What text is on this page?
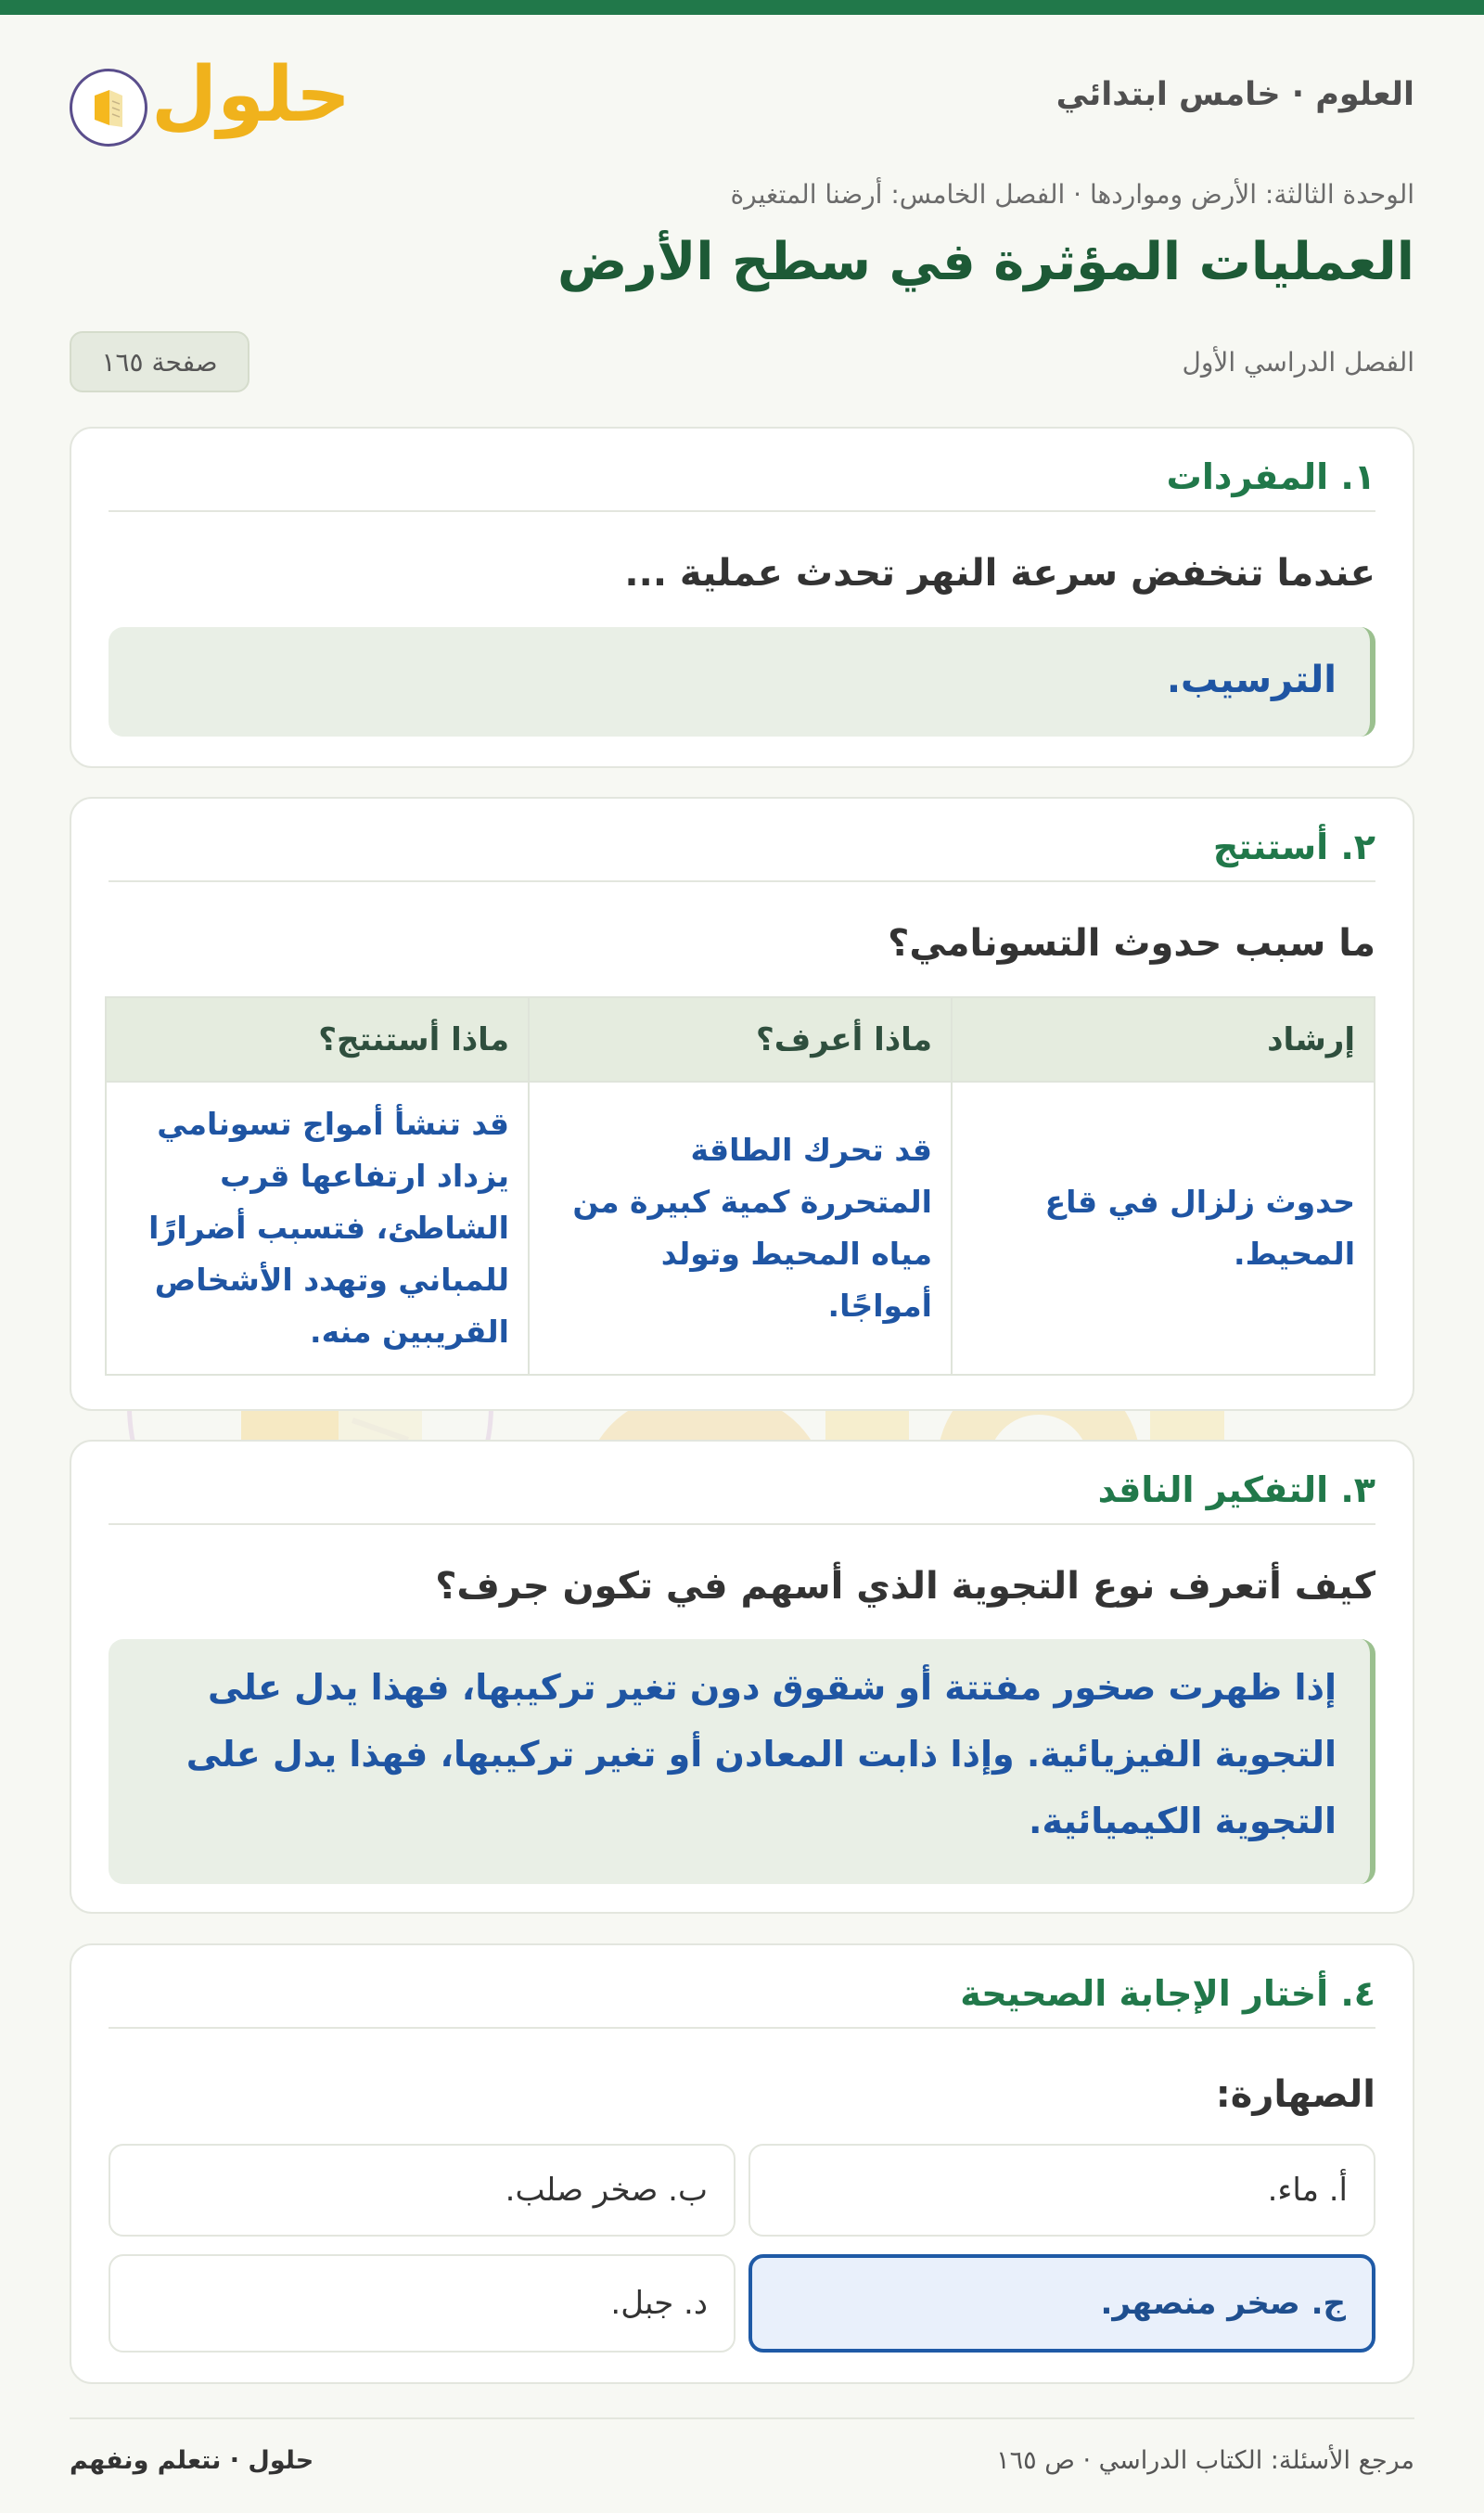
العلوم · خامس ابتدائي
حلول
الوحدة الثالثة: الأرض ومواردها · الفصل الخامس: أرضنا المتغيرة
العمليات المؤثرة في سطح الأرض
الفصل الدراسي الأول
صفحة ١٦٥
١. المفردات

عندما تنخفض سرعة النهر تحدث عملية ...

الترسيب.
٢. أستنتج

ما سبب حدوث التسونامي؟

إرشاد	ماذا أعرف؟	ماذا أستنتج؟
حدوث زلزال في قاع المحيط.	قد تحرك الطاقة المتحررة كمية كبيرة من مياه المحيط وتولد أمواجًا.	قد تنشأ أمواج تسونامي يزداد ارتفاعها قرب الشاطئ، فتسبب أضرارًا للمباني وتهدد الأشخاص القريبين منه.
٣. التفكير الناقد

كيف أتعرف نوع التجوية الذي أسهم في تكون جرف؟

إذا ظهرت صخور مفتتة أو شقوق دون تغير تركيبها، فهذا يدل على التجوية الفيزيائية. وإذا ذابت المعادن أو تغير تركيبها، فهذا يدل على التجوية الكيميائية.
٤. أختار الإجابة الصحيحة

الصهارة:

أ. ماء.
ب. صخر صلب.
ج. صخر منصهر.
د. جبل.
مرجع الأسئلة: الكتاب الدراسي · ص ١٦٥
حلول · نتعلم ونفهم
